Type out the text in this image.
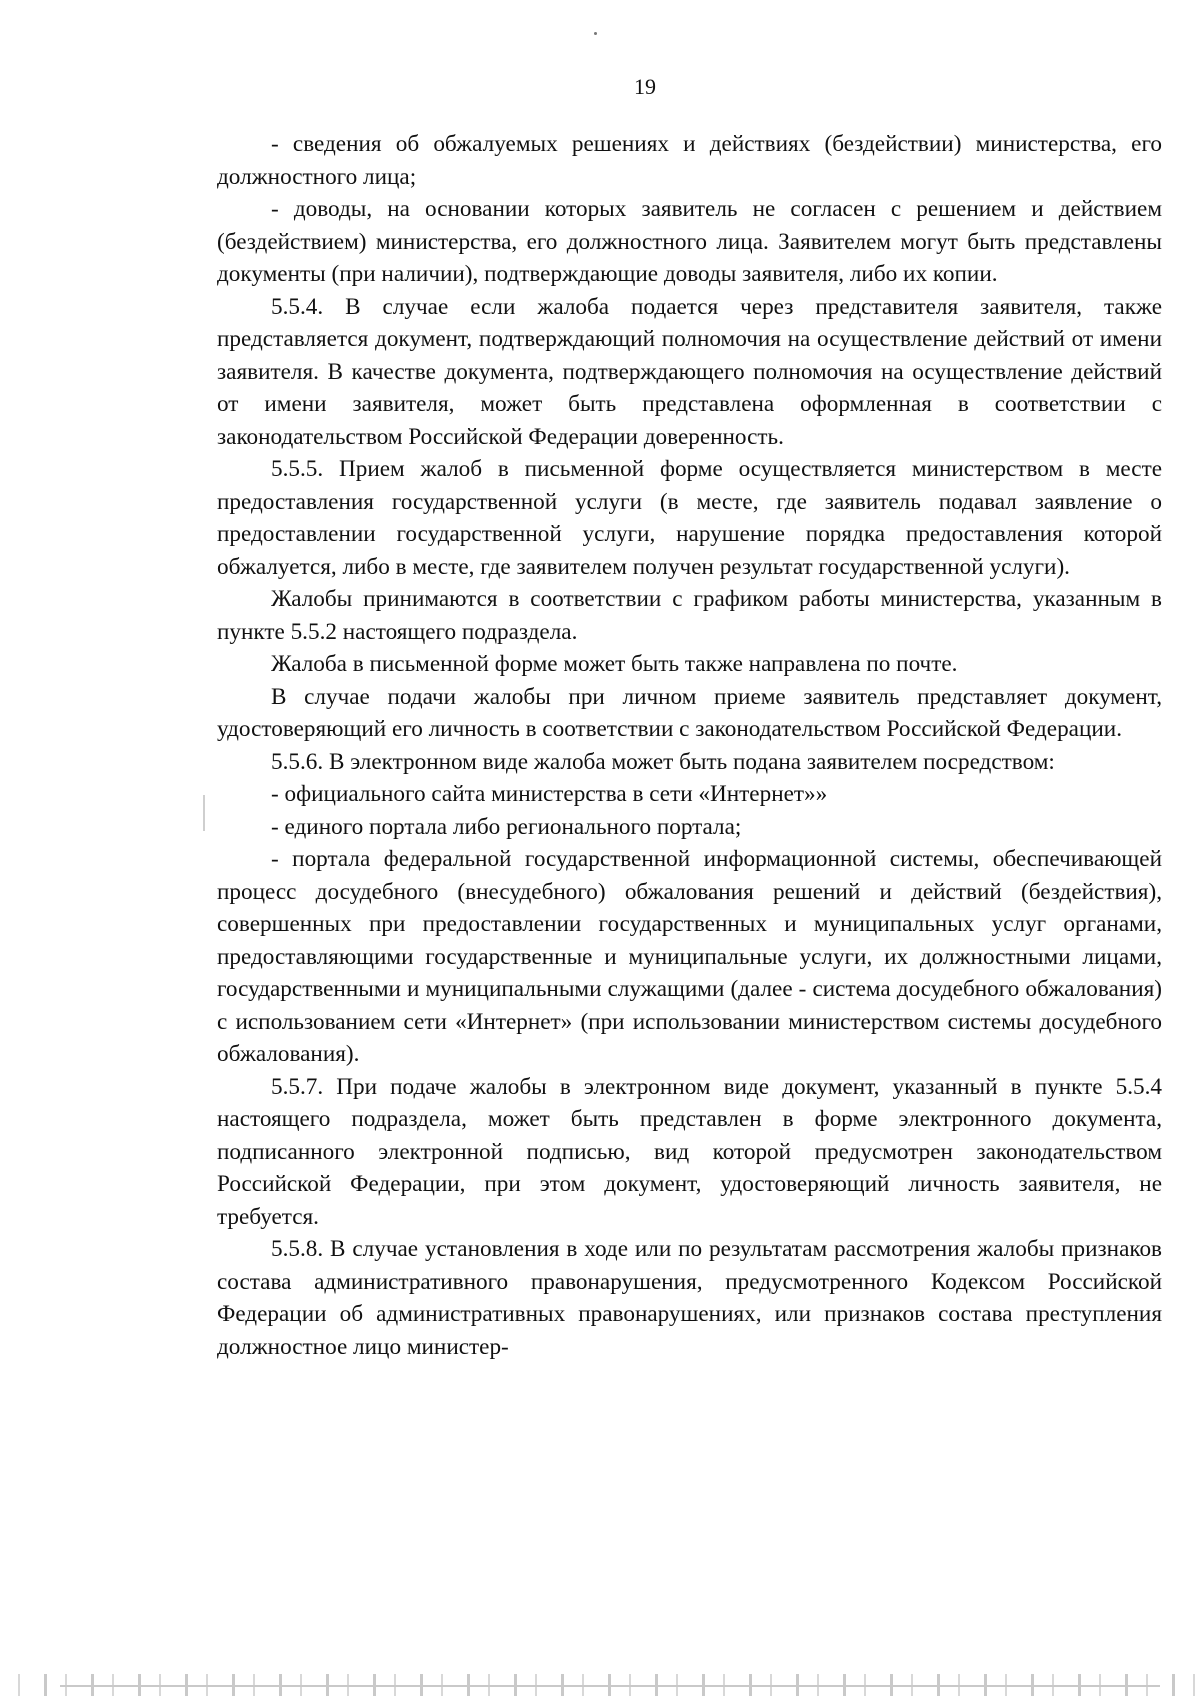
19

- сведения об обжалуемых решениях и действиях (бездействии) министерства, его должностного лица;

- доводы, на основании которых заявитель не согласен с решением и действием (бездействием) министерства, его должностного лица. Заявителем могут быть представлены документы (при наличии), подтверждающие доводы заявителя, либо их копии.

5.5.4. В случае если жалоба подается через представителя заявителя, также представляется документ, подтверждающий полномочия на осуществление действий от имени заявителя. В качестве документа, подтверждающего полномочия на осуществление действий от имени заявителя, может быть представлена оформленная в соответствии с законодательством Российской Федерации доверенность.

5.5.5. Прием жалоб в письменной форме осуществляется министерством в месте предоставления государственной услуги (в месте, где заявитель подавал заявление о предоставлении государственной услуги, нарушение порядка предоставления которой обжалуется, либо в месте, где заявителем получен результат государственной услуги).

Жалобы принимаются в соответствии с графиком работы министерства, указанным в пункте 5.5.2 настоящего подраздела.

Жалоба в письменной форме может быть также направлена по почте.

В случае подачи жалобы при личном приеме заявитель представляет документ, удостоверяющий его личность в соответствии с законодательством Российской Федерации.

5.5.6. В электронном виде жалоба может быть подана заявителем посредством:

- официального сайта министерства в сети «Интернет»»

- единого портала либо регионального портала;

- портала федеральной государственной информационной системы, обеспечивающей процесс досудебного (внесудебного) обжалования решений и действий (бездействия), совершенных при предоставлении государственных и муниципальных услуг органами, предоставляющими государственные и муниципальные услуги, их должностными лицами, государственными и муниципальными служащими (далее - система досудебного обжалования) с использованием сети «Интернет» (при использовании министерством системы досудебного обжалования).

5.5.7. При подаче жалобы в электронном виде документ, указанный в пункте 5.5.4 настоящего подраздела, может быть представлен в форме электронного документа, подписанного электронной подписью, вид которой предусмотрен законодательством Российской Федерации, при этом документ, удостоверяющий личность заявителя, не требуется.

5.5.8. В случае установления в ходе или по результатам рассмотрения жалобы признаков состава административного правонарушения, предусмотренного Кодексом Российской Федерации об административных правонарушениях, или признаков состава преступления должностное лицо министер-
